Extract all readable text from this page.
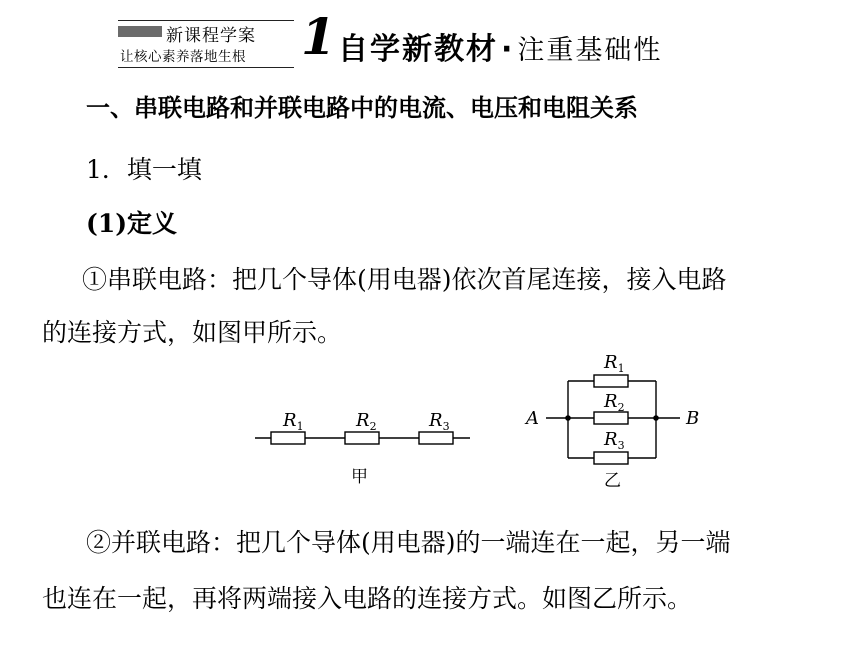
新课程学案
让核心素养落地生根 1 自学新教材 · 注重基础性
一、串联电路和并联电路中的电流、电压和电阻关系
1．填一填
(1)定义
①串联电路：把几个导体(用电器)依次首尾连接，接入电路
的连接方式，如图甲所示。
$R_1$	$R_2$	$R_3$
甲
$R_1$
$R_2$
$R_3$
A	B
乙
②并联电路：把几个导体(用电器)的一端连在一起，另一端
也连在一起，再将两端接入电路的连接方式。如图乙所示。
